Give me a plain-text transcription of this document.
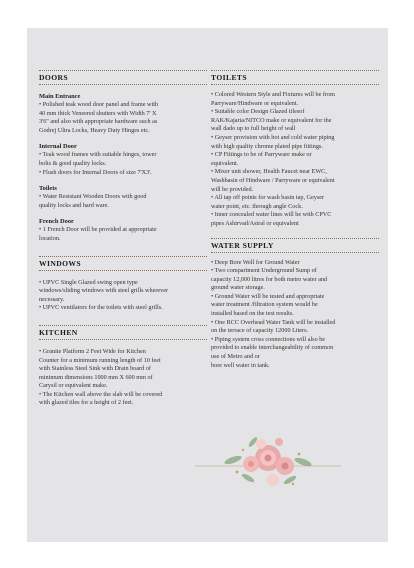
DOORS
Main Entrance
• Polished teak wood door panel and frame with
40 mm thick Veneered shutters with Width 7' X
3'6" and also with appropriate hardware such as
Godrej Ultra Locks, Heavy Duty Hinges etc.
Internal Door
• Teak wood frames with suitable hinges, tower
bolts & good quality locks.
• Flush doors for Internal Doors of size 7'X3'.
Toilets
• Water Resistant Wooden Doors with good
quality locks and hard ware.
French Door
• 1 French Door will be provided at appropriate
location.
WINDOWS
• UPVC Single Glazed swing open type
windows/sliding windows with steel grills wherever
necessary.
• UPVC ventilators for the toilets with steel grills.
KITCHEN
• Granite Platform 2 Feet Wide for Kitchen
Counter for a minimum running length of 10 feet
with Stainless Steel Sink with Drain board of
minimum dimensions 1000 mm X 600 mm of
Carysil or equivalent make.
• The Kitchen wall above the slab will be covered
with glazed tiles for a height of 2 feet.
TOILETS
• Colored Western Style and Fixtures will be from
Parryware/Hindware or equivalent.
• Suitable color Design Glazed tilesof
RAK/Kajaria/NITCO make or equivalent for the
wall dado up to full height of wall
• Geyser provision with hot and cold water piping
with high quality chrome plated pipe fittings.
• CP Fittings to be of Parryware make or
equivalent.
• Mixer unit shower, Health Faucet near EWC,
Washbasin of Hindware / Parryware or equivalent
will be provided.
• All tap off points for wash basin tap, Geyser
water point, etc. through angle Cock.
• Inner concealed water lines will be with CPVC
pipes Ashirvad/Astral or equivalent
WATER SUPPLY
• Deep Bore Well for Ground Water
• Two compartment Underground Sump of
capacity 12,000 litres for both metro water and
ground water storage.
• Ground Water will be tested and appropriate
water treatment /filtration system would be
installed based on the test results.
• One RCC Overhead Water Tank will be installed
on the terrace of capacity 12000 Liters.
• Piping system cross connections will also be
provided to enable interchangeability of common
use of Metro and or
bore well water in tank.
